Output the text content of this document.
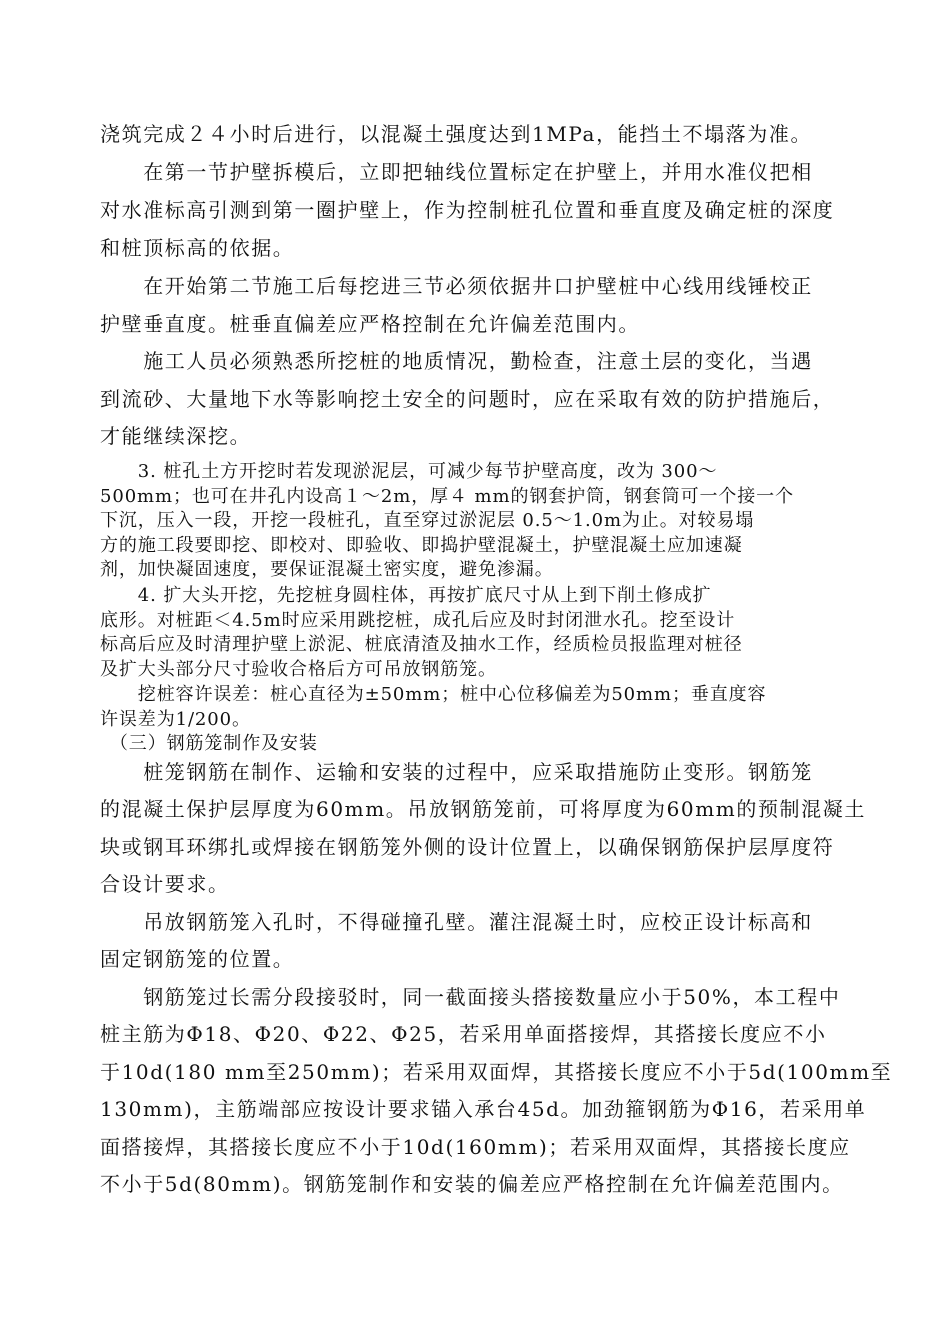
浇筑完成２４小时后进行，以混凝土强度达到1MPa，能挡土不塌落为准。
　　在第一节护壁拆模后，立即把轴线位置标定在护壁上，并用水准仪把相
对水准标高引测到第一圈护壁上，作为控制桩孔位置和垂直度及确定桩的深度
和桩顶标高的依据。
　　在开始第二节施工后每挖进三节必须依据井口护壁桩中心线用线锤校正
护壁垂直度。桩垂直偏差应严格控制在允许偏差范围内。
　　施工人员必须熟悉所挖桩的地质情况，勤检查，注意土层的变化，当遇
到流砂、大量地下水等影响挖土安全的问题时，应在采取有效的防护措施后，
才能继续深挖。
　　3. 桩孔土方开挖时若发现淤泥层，可减少每节护壁高度，改为 300～
500mm；也可在井孔内设高１～2m，厚４ mm的钢套护筒，钢套筒可一个接一个
下沉，压入一段，开挖一段桩孔，直至穿过淤泥层 0.5～1.0m为止。对较易塌
方的施工段要即挖、即校对、即验收、即捣护壁混凝土，护壁混凝土应加速凝
剂，加快凝固速度，要保证混凝土密实度，避免渗漏。
　　4. 扩大头开挖，先挖桩身圆柱体，再按扩底尺寸从上到下削土修成扩
底形。对桩距＜4.5m时应采用跳挖桩，成孔后应及时封闭泄水孔。挖至设计
标高后应及时清理护壁上淤泥、桩底清渣及抽水工作，经质检员报监理对桩径
及扩大头部分尺寸验收合格后方可吊放钢筋笼。
　　挖桩容许误差：桩心直径为±50mm；桩中心位移偏差为50mm；垂直度容
许误差为1/200。
　（三）钢筋笼制作及安装
　　桩笼钢筋在制作、运输和安装的过程中，应采取措施防止变形。钢筋笼
的混凝土保护层厚度为60mm。吊放钢筋笼前，可将厚度为60mm的预制混凝土
块或钢耳环绑扎或焊接在钢筋笼外侧的设计位置上，以确保钢筋保护层厚度符
合设计要求。
　　吊放钢筋笼入孔时，不得碰撞孔壁。灌注混凝土时，应校正设计标高和
固定钢筋笼的位置。
　　钢筋笼过长需分段接驳时，同一截面接头搭接数量应小于50%，本工程中
桩主筋为Φ18、Φ20、Φ22、Φ25，若采用单面搭接焊，其搭接长度应不小
于10d(180 mm至250mm)；若采用双面焊，其搭接长度应不小于5d(100mm至
130mm)，主筋端部应按设计要求锚入承台45d。加劲箍钢筋为Φ16，若采用单
面搭接焊，其搭接长度应不小于10d(160mm)；若采用双面焊，其搭接长度应
不小于5d(80mm)。钢筋笼制作和安装的偏差应严格控制在允许偏差范围内。
